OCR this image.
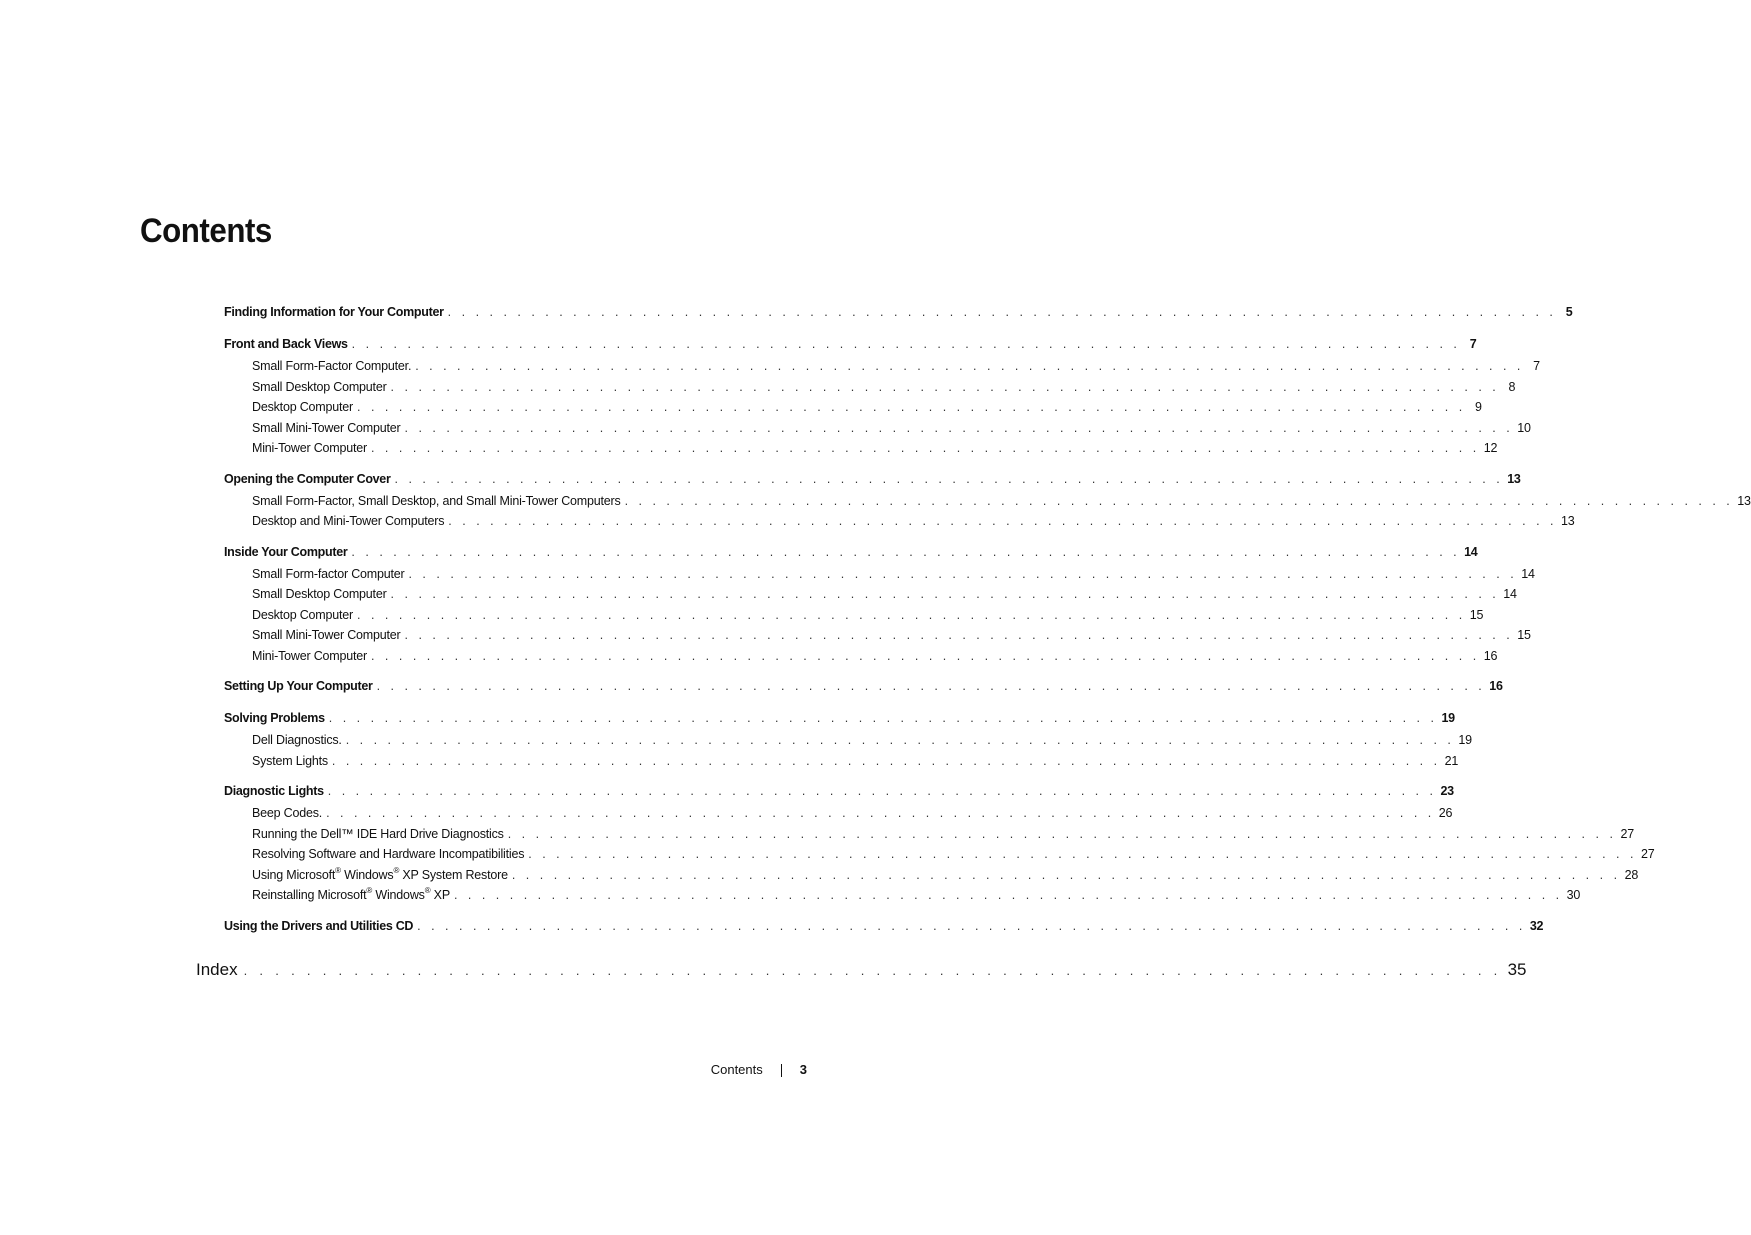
Contents
Finding Information for Your Computer . . . . . . . . . . . . . . . . . . . . . . . . . . . . . . . . . . . . . . . . . . . . . . . . . . . . . . . . . . . . . . . . . . . . . . . . . . . . . . . . 5
Front and Back Views . . . . . . . . . . . . . . . . . . . . . . . . . . . . . . . . . . . . . . . . . . . . . . . . . . . . . . . . . . . . . . . . . . . . . . . . . . . . . . . . 7
Small Form-Factor Computer. . . . . . . . . . . . . . . . . . . . . . . . . . . . . . . . . . . . . . . . . . . . . . . . . . . . . . . . . . . . . . . . . . . . . . . . . . . . . . . . . 7
Small Desktop Computer . . . . . . . . . . . . . . . . . . . . . . . . . . . . . . . . . . . . . . . . . . . . . . . . . . . . . . . . . . . . . . . . . . . . . . . . . . . . . . . . 8
Desktop Computer . . . . . . . . . . . . . . . . . . . . . . . . . . . . . . . . . . . . . . . . . . . . . . . . . . . . . . . . . . . . . . . . . . . . . . . . . . . . . . . . 9
Small Mini-Tower Computer . . . . . . . . . . . . . . . . . . . . . . . . . . . . . . . . . . . . . . . . . . . . . . . . . . . . . . . . . . . . . . . . . . . . . . . . . . . . . . . . 10
Mini-Tower Computer . . . . . . . . . . . . . . . . . . . . . . . . . . . . . . . . . . . . . . . . . . . . . . . . . . . . . . . . . . . . . . . . . . . . . . . . . . . . . . . . 12
Opening the Computer Cover . . . . . . . . . . . . . . . . . . . . . . . . . . . . . . . . . . . . . . . . . . . . . . . . . . . . . . . . . . . . . . . . . . . . . . . . . . . . . . . . 13
Small Form-Factor, Small Desktop, and Small Mini-Tower Computers . . . . . . . . . . . . . . . . . . . . . . . . . . . . . . . . . . . . . . . . . . . . . . . . . . . . . . . . . . . . . . . . . . . . . . . . . . . . . . . . 13
Desktop and Mini-Tower Computers . . . . . . . . . . . . . . . . . . . . . . . . . . . . . . . . . . . . . . . . . . . . . . . . . . . . . . . . . . . . . . . . . . . . . . . . . . . . . . . . 13
Inside Your Computer . . . . . . . . . . . . . . . . . . . . . . . . . . . . . . . . . . . . . . . . . . . . . . . . . . . . . . . . . . . . . . . . . . . . . . . . . . . . . . . . 14
Small Form-factor Computer . . . . . . . . . . . . . . . . . . . . . . . . . . . . . . . . . . . . . . . . . . . . . . . . . . . . . . . . . . . . . . . . . . . . . . . . . . . . . . . . 14
Small Desktop Computer . . . . . . . . . . . . . . . . . . . . . . . . . . . . . . . . . . . . . . . . . . . . . . . . . . . . . . . . . . . . . . . . . . . . . . . . . . . . . . . . 14
Desktop Computer . . . . . . . . . . . . . . . . . . . . . . . . . . . . . . . . . . . . . . . . . . . . . . . . . . . . . . . . . . . . . . . . . . . . . . . . . . . . . . . . 15
Small Mini-Tower Computer . . . . . . . . . . . . . . . . . . . . . . . . . . . . . . . . . . . . . . . . . . . . . . . . . . . . . . . . . . . . . . . . . . . . . . . . . . . . . . . . 15
Mini-Tower Computer . . . . . . . . . . . . . . . . . . . . . . . . . . . . . . . . . . . . . . . . . . . . . . . . . . . . . . . . . . . . . . . . . . . . . . . . . . . . . . . . 16
Setting Up Your Computer . . . . . . . . . . . . . . . . . . . . . . . . . . . . . . . . . . . . . . . . . . . . . . . . . . . . . . . . . . . . . . . . . . . . . . . . . . . . . . . . 16
Solving Problems . . . . . . . . . . . . . . . . . . . . . . . . . . . . . . . . . . . . . . . . . . . . . . . . . . . . . . . . . . . . . . . . . . . . . . . . . . . . . . . . 19
Dell Diagnostics. . . . . . . . . . . . . . . . . . . . . . . . . . . . . . . . . . . . . . . . . . . . . . . . . . . . . . . . . . . . . . . . . . . . . . . . . . . . . . . . . 19
System Lights . . . . . . . . . . . . . . . . . . . . . . . . . . . . . . . . . . . . . . . . . . . . . . . . . . . . . . . . . . . . . . . . . . . . . . . . . . . . . . . . 21
Diagnostic Lights . . . . . . . . . . . . . . . . . . . . . . . . . . . . . . . . . . . . . . . . . . . . . . . . . . . . . . . . . . . . . . . . . . . . . . . . . . . . . . . . 23
Beep Codes. . . . . . . . . . . . . . . . . . . . . . . . . . . . . . . . . . . . . . . . . . . . . . . . . . . . . . . . . . . . . . . . . . . . . . . . . . . . . . . . . 26
Running the Dell™ IDE Hard Drive Diagnostics . . . . . . . . . . . . . . . . . . . . . . . . . . . . . . . . . . . . . . . . . . . . . . . . . . . . . . . . . . . . . . . . . . . . . . . . . . . . . . . . 27
Resolving Software and Hardware Incompatibilities . . . . . . . . . . . . . . . . . . . . . . . . . . . . . . . . . . . . . . . . . . . . . . . . . . . . . . . . . . . . . . . . . . . . . . . . . . . . . . . . 27
Using Microsoft® Windows® XP System Restore . . . . . . . . . . . . . . . . . . . . . . . . . . . . . . . . . . . . . . . . . . . . . . . . . . . . . . . . . . . . . . . . . . . . . . . . . . . . . . . . 28
Reinstalling Microsoft® Windows® XP . . . . . . . . . . . . . . . . . . . . . . . . . . . . . . . . . . . . . . . . . . . . . . . . . . . . . . . . . . . . . . . . . . . . . . . . . . . . . . . . 30
Using the Drivers and Utilities CD . . . . . . . . . . . . . . . . . . . . . . . . . . . . . . . . . . . . . . . . . . . . . . . . . . . . . . . . . . . . . . . . . . . . . . . . . . . . . . . . 32
Index . . . . . . . . . . . . . . . . . . . . . . . . . . . . . . . . . . . . . . . . . . . . . . . . . . . . . . . . . . . . . . . . . . . . . . . . . . . . . . . . 35
Contents	3
